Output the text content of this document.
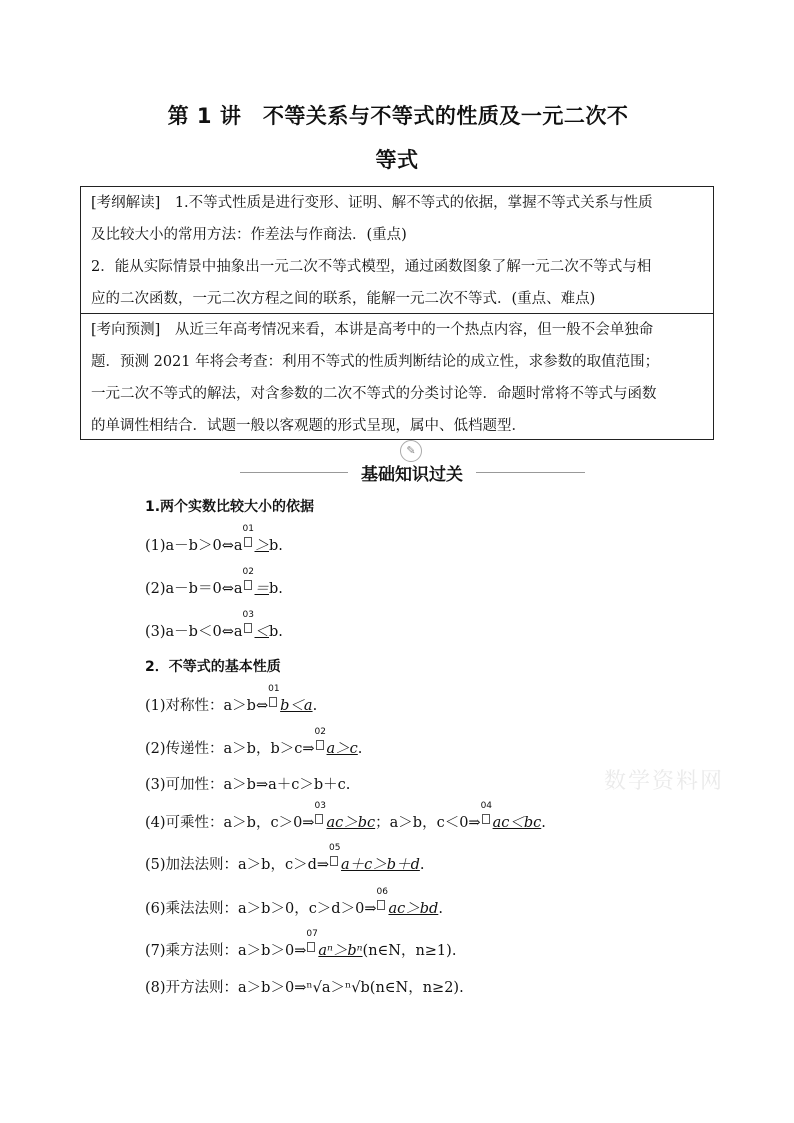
第 1 讲　不等关系与不等式的性质及一元二次不
等式

[考纲解读]　1.不等式性质是进行变形、证明、解不等式的依据，掌握不等式关系与性质

及比较大小的常用方法：作差法与作商法．(重点)

2．能从实际情景中抽象出一元二次不等式模型，通过函数图象了解一元二次不等式与相

应的二次函数，一元二次方程之间的联系，能解一元二次不等式．(重点、难点)

[考向预测]　从近三年高考情况来看，本讲是高考中的一个热点内容，但一般不会单独命

题．预测 2021 年将会考查：利用不等式的性质判断结论的成立性，求参数的取值范围；

一元二次不等式的解法，对含参数的二次不等式的分类讨论等．命题时常将不等式与函数

的单调性相结合．试题一般以客观题的形式呈现，属中、低档题型．

✎
基础知识过关
1.两个实数比较大小的依据
(1)a－b＞0⇔a
01
＞b.
(2)a－b＝0⇔a
02
＝b.
(3)a－b＜0⇔a
03
＜b.
2．不等式的基本性质
(1)对称性：a＞b⇔
01
b＜a.
(2)传递性：a＞b，b＞c⇒
02
a＞c.
(3)可加性：a＞b⇒a＋c＞b＋c.
(4)可乘性：a＞b，c＞0⇒
03
ac＞bc；a＞b，c＜0⇒
04
ac＜bc.
(5)加法法则：a＞b，c＞d⇒
05
a＋c＞b＋d.
(6)乘法法则：a＞b＞0，c＞d＞0⇒
06
ac＞bd.
(7)乘方法则：a＞b＞0⇒
07
aⁿ＞bⁿ(n∈N，n≥1).
(8)开方法则：a＞b＞0⇒ⁿ√a＞ⁿ√b(n∈N，n≥2).
数学资料网
